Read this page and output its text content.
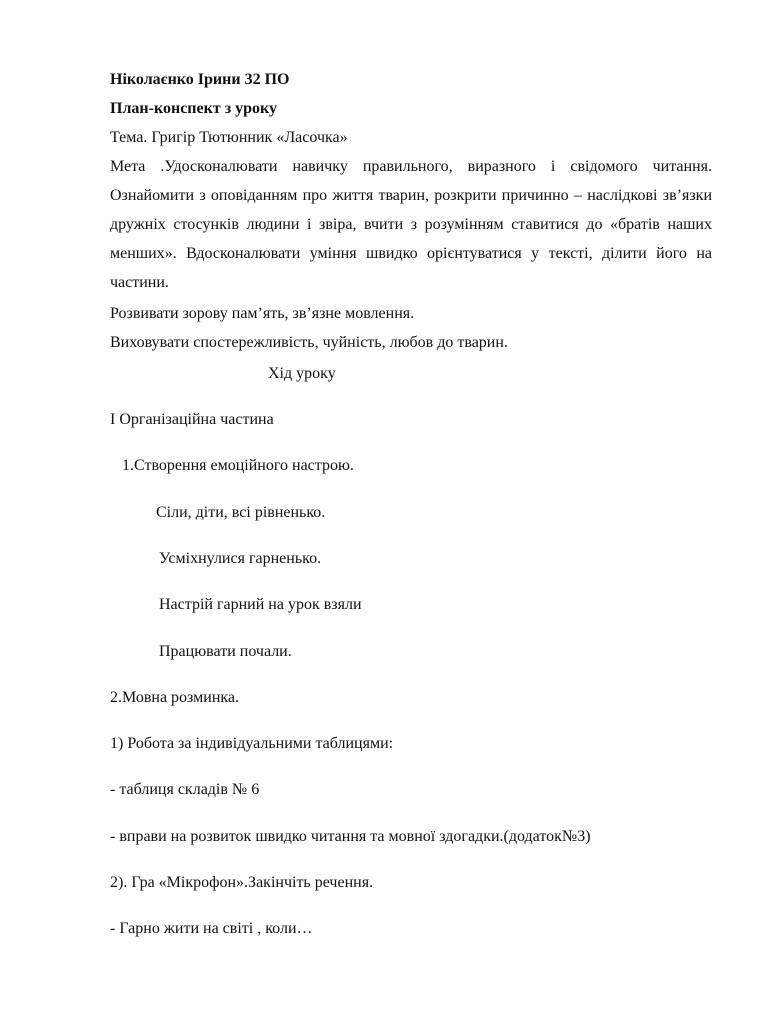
Ніколаєнко Ірини 32 ПО
План-конспект з уроку
Тема. Григір Тютюнник «Ласочка»
Мета .Удосконалювати навичку правильного, виразного і свідомого читання. Ознайомити з оповіданням про життя тварин, розкрити причинно – наслідкові зв’язки дружніх стосунків людини і звіра, вчити з розумінням ставитися до «братів наших менших». Вдосконалювати уміння швидко орієнтуватися у тексті, ділити його на частини.
Розвивати зорову пам’ять, зв’язне мовлення.
Виховувати спостережливість, чуйність, любов до тварин.
Хід уроку
І Організаційна частина
1.Створення емоційного настрою.
Сіли, діти, всі рівненько.
Усміхнулися гарненько.
Настрій гарний на урок взяли
Працювати почали.
2.Мовна розминка.
1) Робота за індивідуальними таблицями:
- таблиця складів № 6
- вправи на розвиток швидко читання та мовної здогадки.(додаток№3)
2). Гра «Мікрофон».Закінчіть речення.
- Гарно жити на світі , коли…
